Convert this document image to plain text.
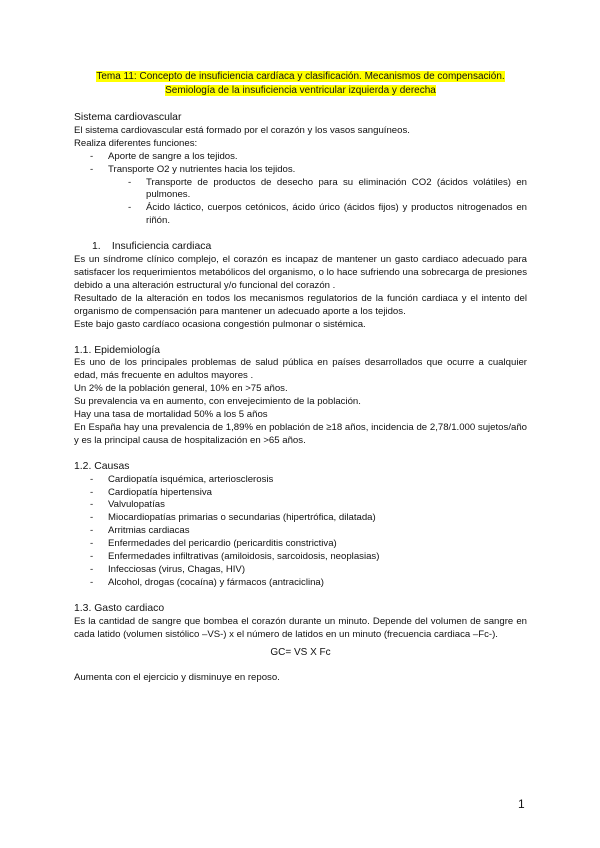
Tema 11: Concepto de insuficiencia cardíaca y clasificación. Mecanismos de compensación.
Semiología de la insuficiencia ventricular izquierda y derecha

Sistema cardiovascular

El sistema cardiovascular está formado por el corazón y los vasos sanguíneos.

Realiza diferentes funciones:

- Aporte de sangre a los tejidos.
- Transporte O2 y nutrientes hacia los tejidos.
- Transporte de productos de desecho para su eliminación CO2 (ácidos volátiles) en pulmones.
- Ácido láctico, cuerpos cetónicos, ácido úrico (ácidos fijos) y productos nitrogenados en riñón.
1. Insuficiencia cardiaca

Es un síndrome clínico complejo, el corazón es incapaz de mantener un gasto cardiaco adecuado para satisfacer los requerimientos metabólicos del organismo, o lo hace sufriendo una sobrecarga de presiones debido a una alteración estructural y/o funcional del corazón .

Resultado de la alteración en todos los mecanismos regulatorios de la función cardiaca y el intento del organismo de compensación para mantener un adecuado aporte a los tejidos.

Este bajo gasto cardíaco ocasiona congestión pulmonar o sistémica.

1.1. Epidemiología

Es uno de los principales problemas de salud pública en países desarrollados que ocurre a cualquier edad, más frecuente en adultos mayores .

Un 2% de la población general, 10% en >75 años.

Su prevalencia va en aumento, con envejecimiento de la población.

Hay una tasa de mortalidad 50% a los 5 años

En España hay una prevalencia de 1,89% en población de ≥18 años, incidencia de 2,78/1.000 sujetos/año y es la principal causa de hospitalización en >65 años.

1.2. Causas

- Cardiopatía isquémica, arteriosclerosis
- Cardiopatía hipertensiva
- Valvulopatías
- Miocardiopatías primarias o secundarias (hipertrófica, dilatada)
- Arritmias cardiacas
- Enfermedades del pericardio (pericarditis constrictiva)
- Enfermedades infiltrativas (amiloidosis, sarcoidosis, neoplasias)
- Infecciosas (virus, Chagas, HIV)
- Alcohol, drogas (cocaína) y fármacos (antraciclina)

1.3. Gasto cardiaco

Es la cantidad de sangre que bombea el corazón durante un minuto. Depende del volumen de sangre en cada latido (volumen sistólico –VS-) x el número de latidos en un minuto (frecuencia cardiaca –Fc-).

GC= VS X Fc

Aumenta con el ejercicio y disminuye en reposo.

1
